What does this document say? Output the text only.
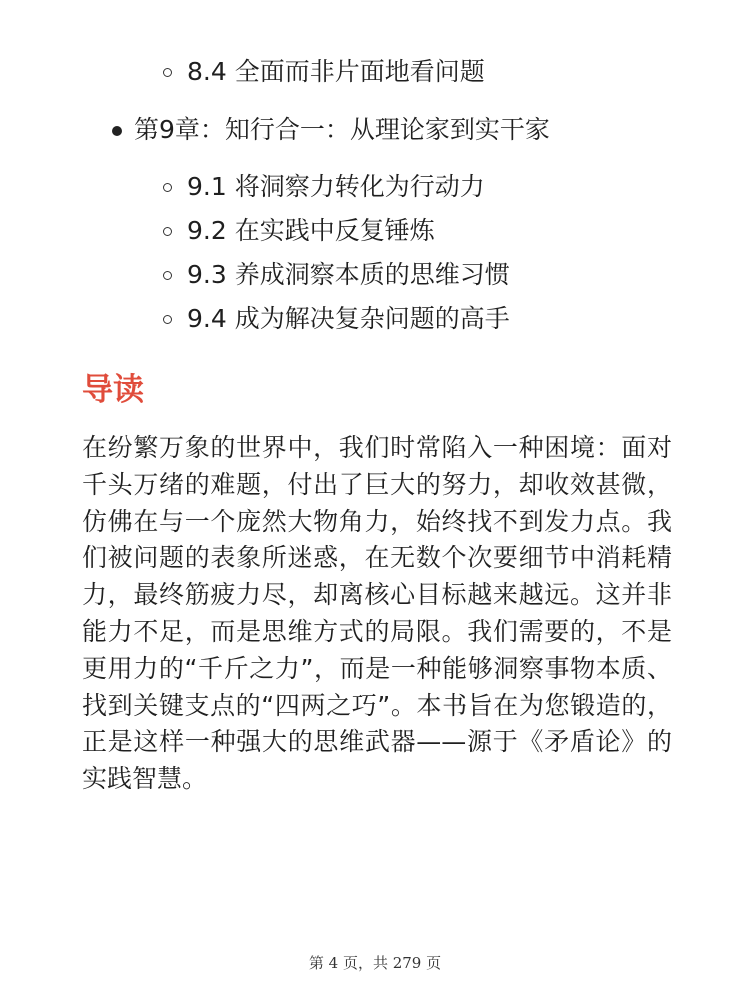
8.4 全面而非片面地看问题
第9章：知行合一：从理论家到实干家
9.1 将洞察力转化为行动力
9.2 在实践中反复锤炼
9.3 养成洞察本质的思维习惯
9.4 成为解决复杂问题的高手
导读

在纷繁万象的世界中，我们时常陷入一种困境：面对千头万绪的难题，付出了巨大的努力，却收效甚微，仿佛在与一个庞然大物角力，始终找不到发力点。我们被问题的表象所迷惑，在无数个次要细节中消耗精力，最终筋疲力尽，却离核心目标越来越远。这并非能力不足，而是思维方式的局限。我们需要的，不是更用力的“千斤之力”，而是一种能够洞察事物本质、找到关键支点的“四两之巧”。本书旨在为您锻造的，正是这样一种强大的思维武器——源于《矛盾论》的实践智慧。

第 4 页，共 279 页
